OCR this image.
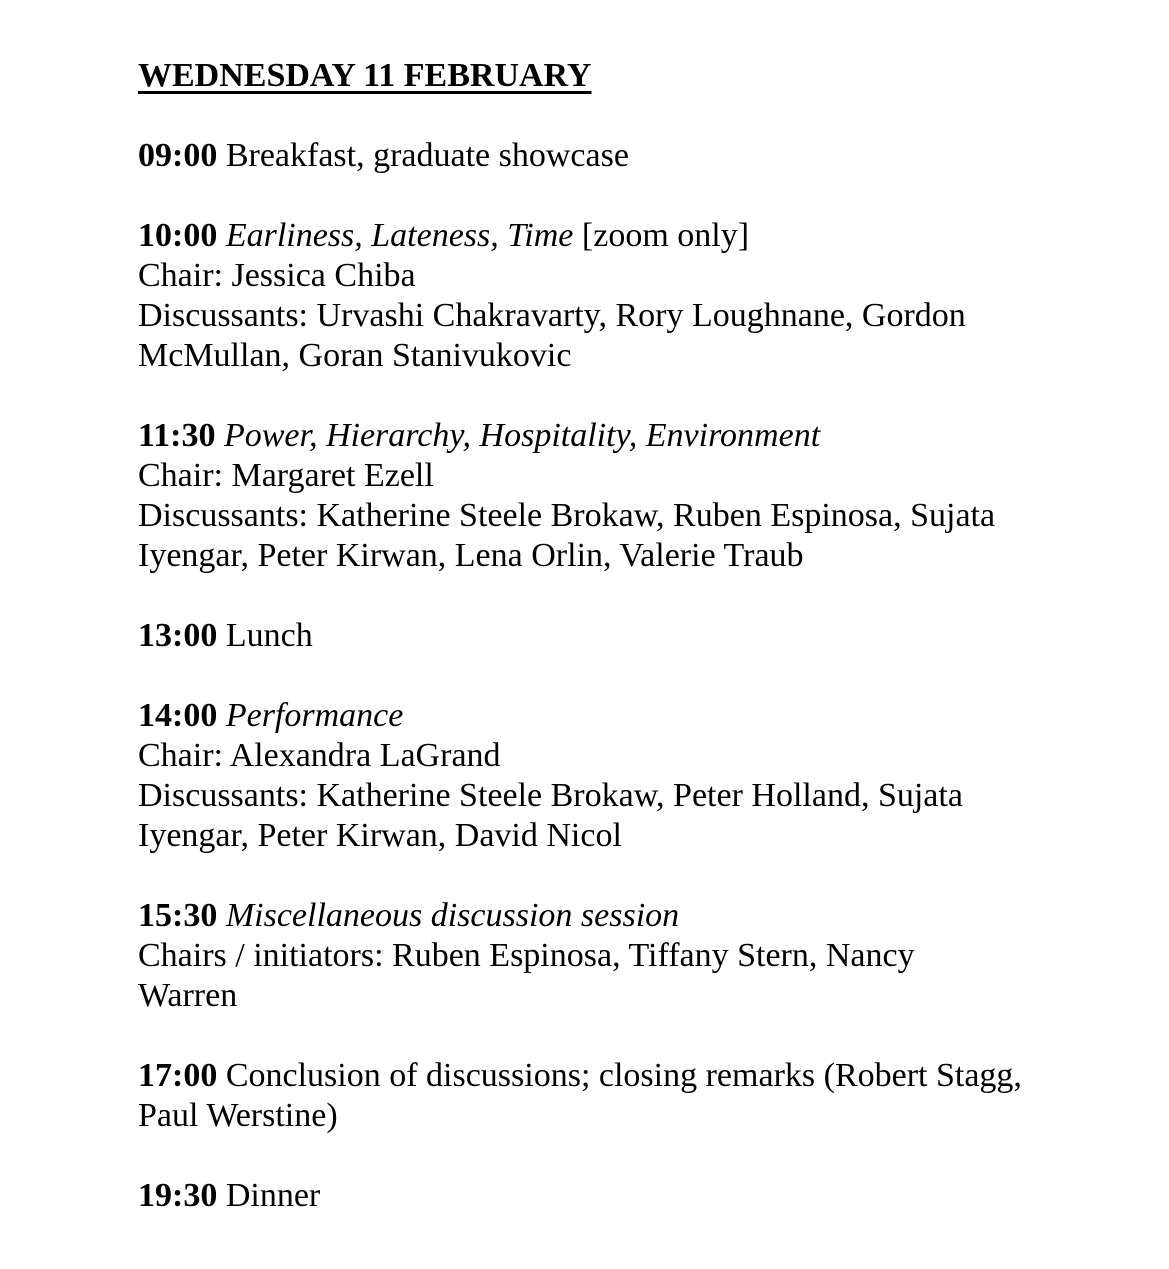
WEDNESDAY 11 FEBRUARY
09:00 Breakfast, graduate showcase
10:00 Earliness, Lateness, Time [zoom only]
Chair: Jessica Chiba
Discussants: Urvashi Chakravarty, Rory Loughnane, Gordon
McMullan, Goran Stanivukovic
11:30 Power, Hierarchy, Hospitality, Environment
Chair: Margaret Ezell
Discussants: Katherine Steele Brokaw, Ruben Espinosa, Sujata
Iyengar, Peter Kirwan, Lena Orlin, Valerie Traub
13:00 Lunch
14:00 Performance
Chair: Alexandra LaGrand
Discussants: Katherine Steele Brokaw, Peter Holland, Sujata
Iyengar, Peter Kirwan, David Nicol
15:30 Miscellaneous discussion session
Chairs / initiators: Ruben Espinosa, Tiffany Stern, Nancy
Warren
17:00 Conclusion of discussions; closing remarks (Robert Stagg,
Paul Werstine)
19:30 Dinner
